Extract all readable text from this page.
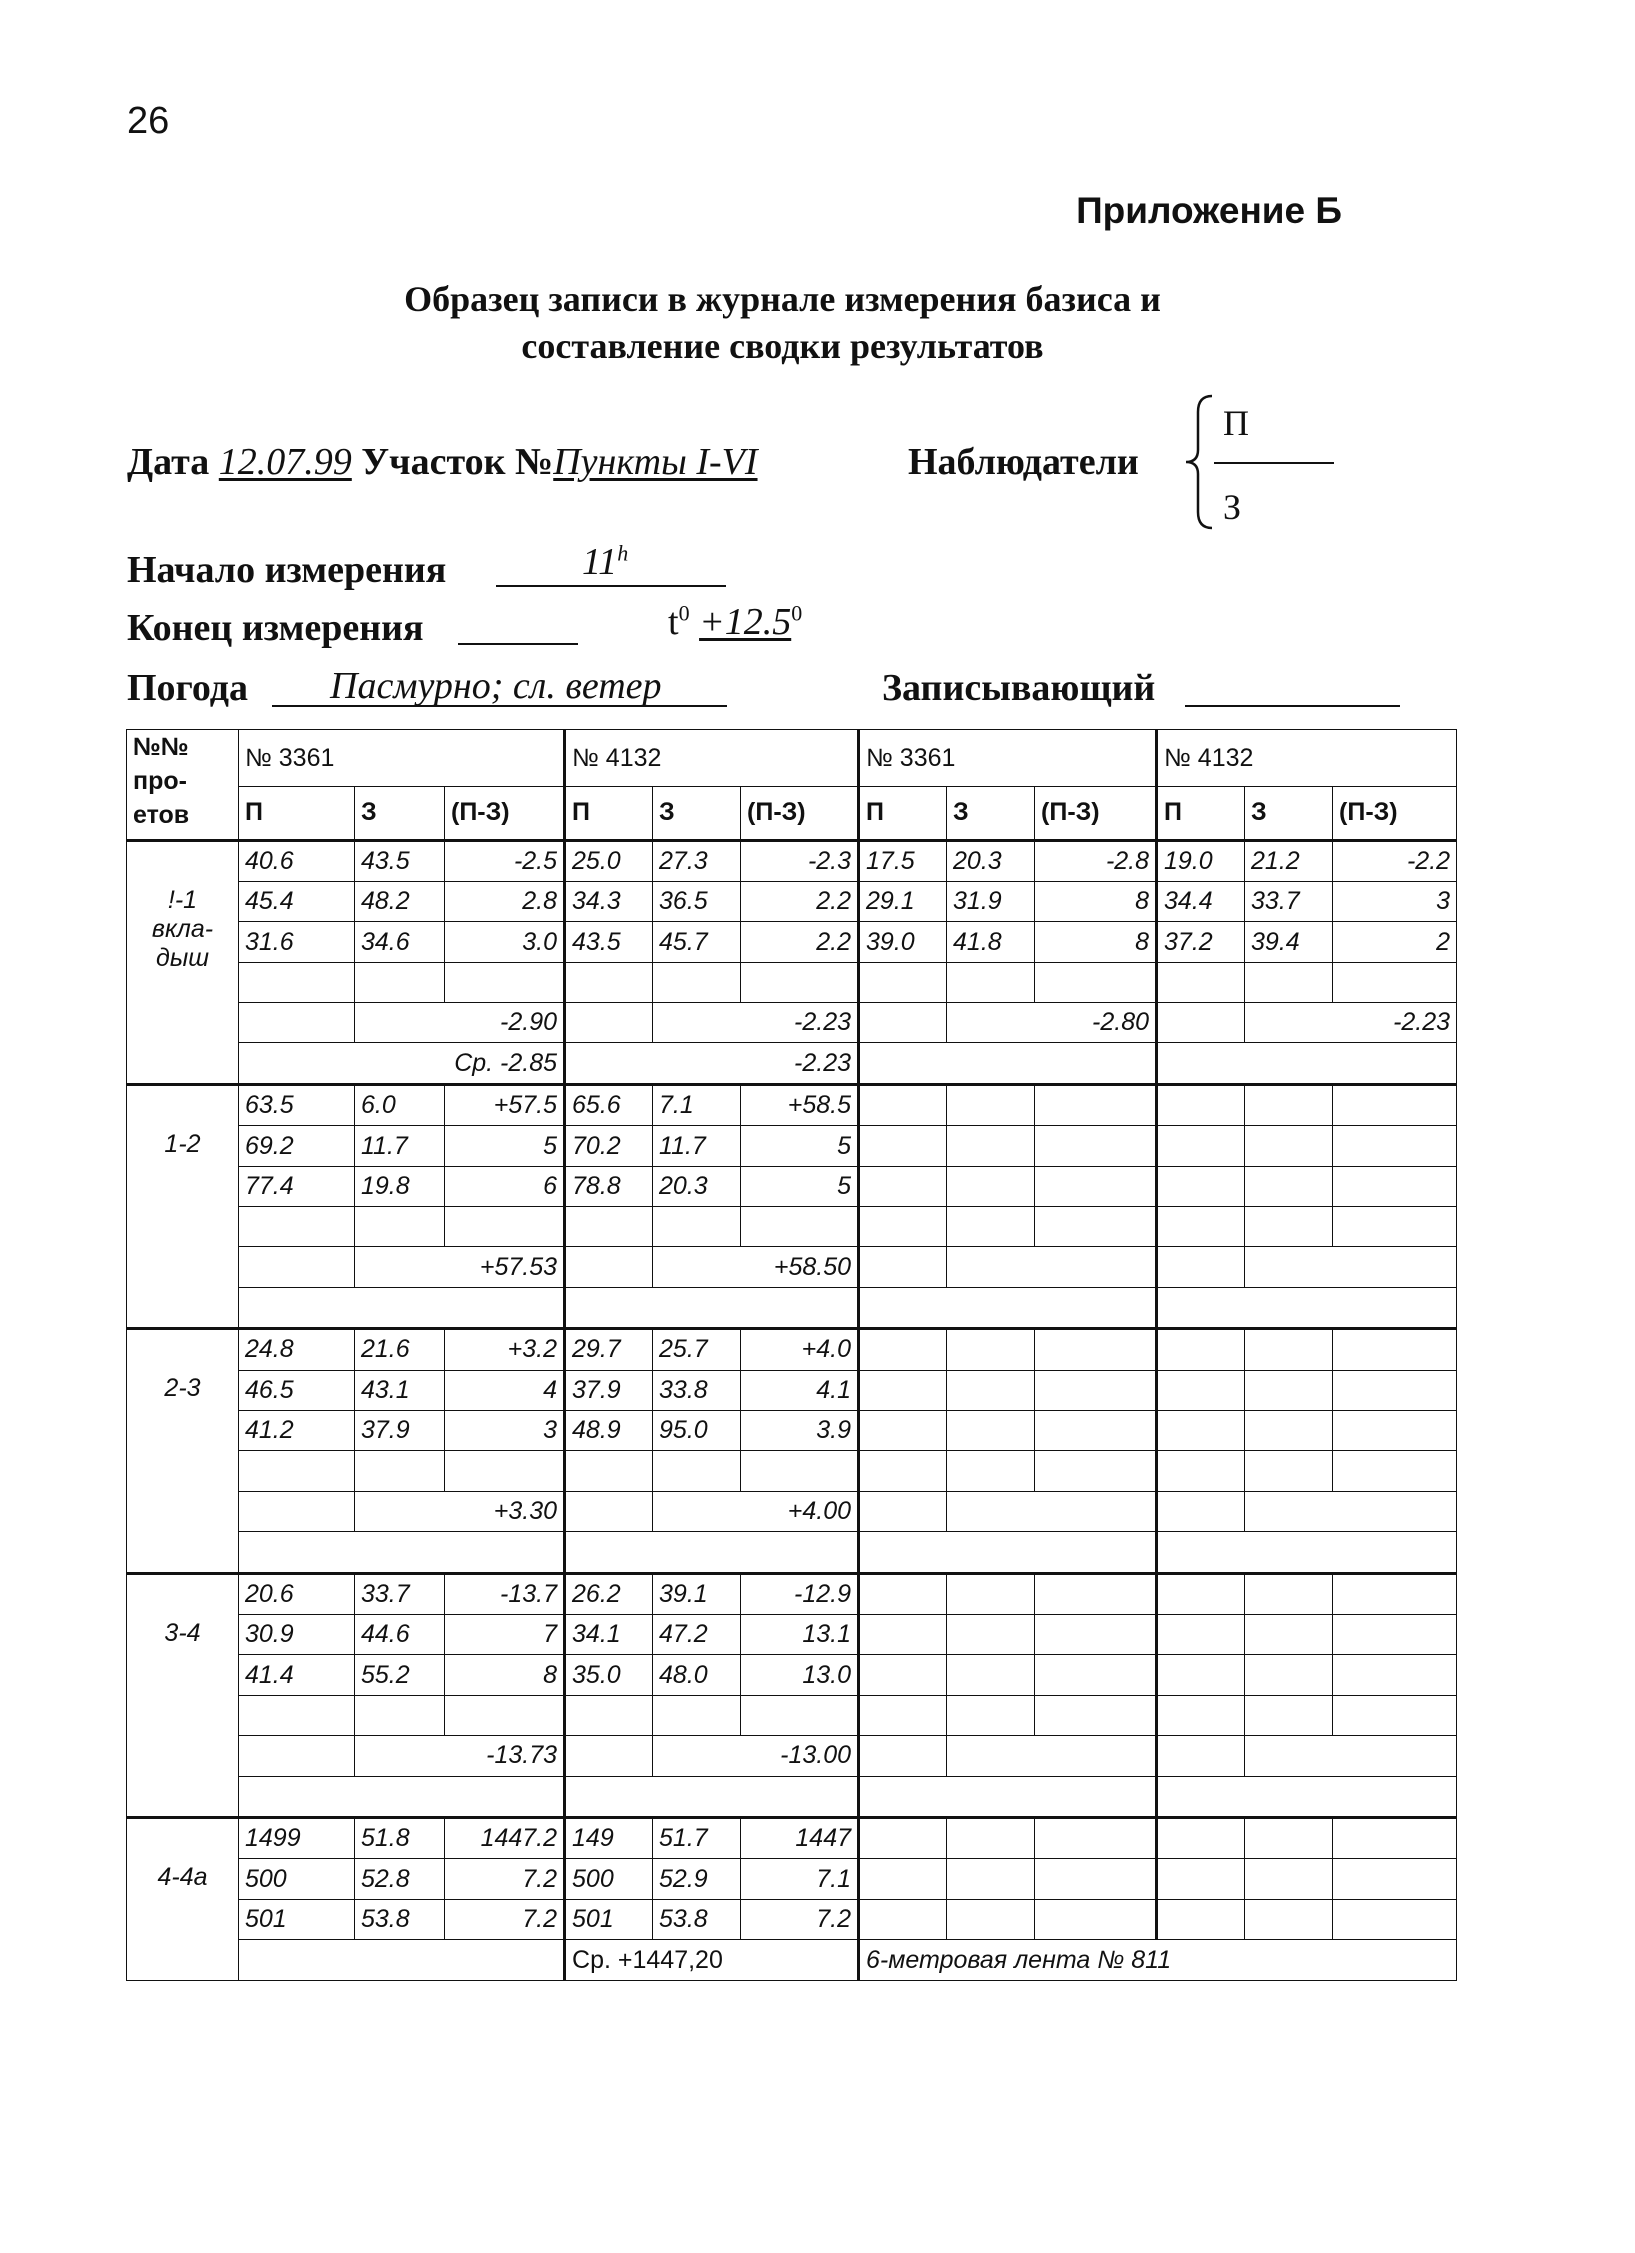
26
Приложение Б
Образец записи в журнале измерения базиса и
составление сводки результатов
Дата 12.07.99 Участок №Пункты I-VI	Наблюдатели
П
З
Начало измерения	11$^h$
Конец измерения	$t^0 +12.5^0$
Погода Пасмурно; сл. ветер	Записывающий
№№
про-
етов	№ 3361			№ 4132			№ 3361			№ 4132		
	П	З	(П-З)	П	З	(П-З)	П	З	(П-З)	П	З	(П-З)

!-1
вкла-
дыш	40.6	43.5	-2.5	25.0	27.3	-2.3	17.5	20.3	-2.8	19.0	21.2	-2.2
	45.4	48.2	2.8	34.3	36.5	2.2	29.1	31.9	8	34.4	33.7	3
	31.6	34.6	3.0	43.5	45.7	2.2	39.0	41.8	8	37.2	39.4	2

		-2.90			-2.23			-2.80			-2.23	
	Ср. -2.85			-2.23								

1-2	63.5	6.0	+57.5	65.6	7.1	+58.5						
	69.2	11.7	5	70.2	11.7	5						
	77.4	19.8	6	78.8	20.3	5						

		+57.53			+58.50							

2-3	24.8	21.6	+3.2	29.7	25.7	+4.0						
	46.5	43.1	4	37.9	33.8	4.1						
	41.2	37.9	3	48.9	95.0	3.9						

		+3.30			+4.00							

3-4	20.6	33.7	-13.7	26.2	39.1	-12.9						
	30.9	44.6	7	34.1	47.2	13.1						
	41.4	55.2	8	35.0	48.0	13.0						

		-13.73			-13.00							

4-4a	1499	51.8	1447.2	149	51.7	1447						
	500	52.8	7.2	500	52.9	7.1						
	501	53.8	7.2	501	53.8	7.2						
				Ср. +1447,20			6-метровая лента № 811					
